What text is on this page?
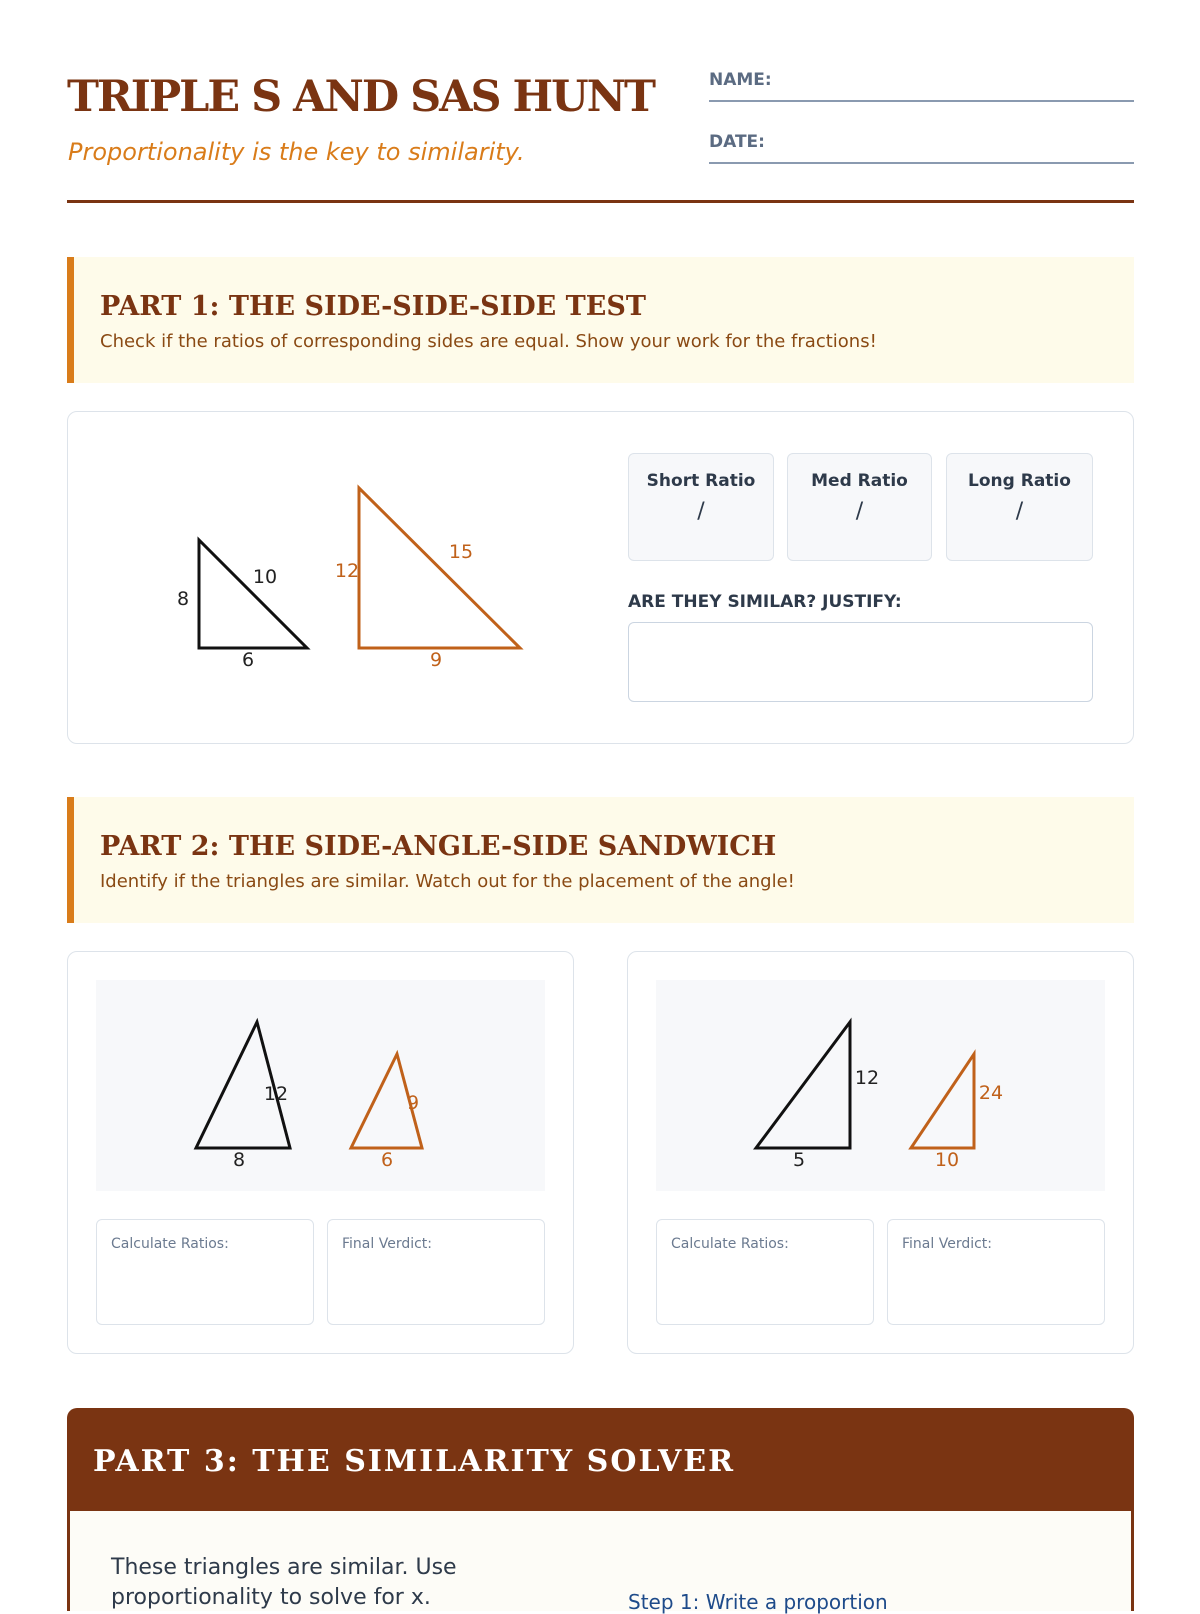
TRIPLE S AND SAS HUNT
Proportionality is the key to similarity.
NAME:
DATE:
PART 1: THE SIDE-SIDE-SIDE TEST

Check if the ratios of corresponding sides are equal. Show your work for the fractions!

8
6
10	12
9
15
Short Ratio
/
Med Ratio
/
Long Ratio
/
ARE THEY SIMILAR? JUSTIFY:
PART 2: THE SIDE-ANGLE-SIDE SANDWICH

Identify if the triangles are similar. Watch out for the placement of the angle!

12
8
9
6
Calculate Ratios:	Final Verdict:
12
5
24
10
Calculate Ratios:	Final Verdict:
PART 3: THE SIMILARITY SOLVER
These triangles are similar. Use proportionality to solve for x.	Step 1: Write a proportion
